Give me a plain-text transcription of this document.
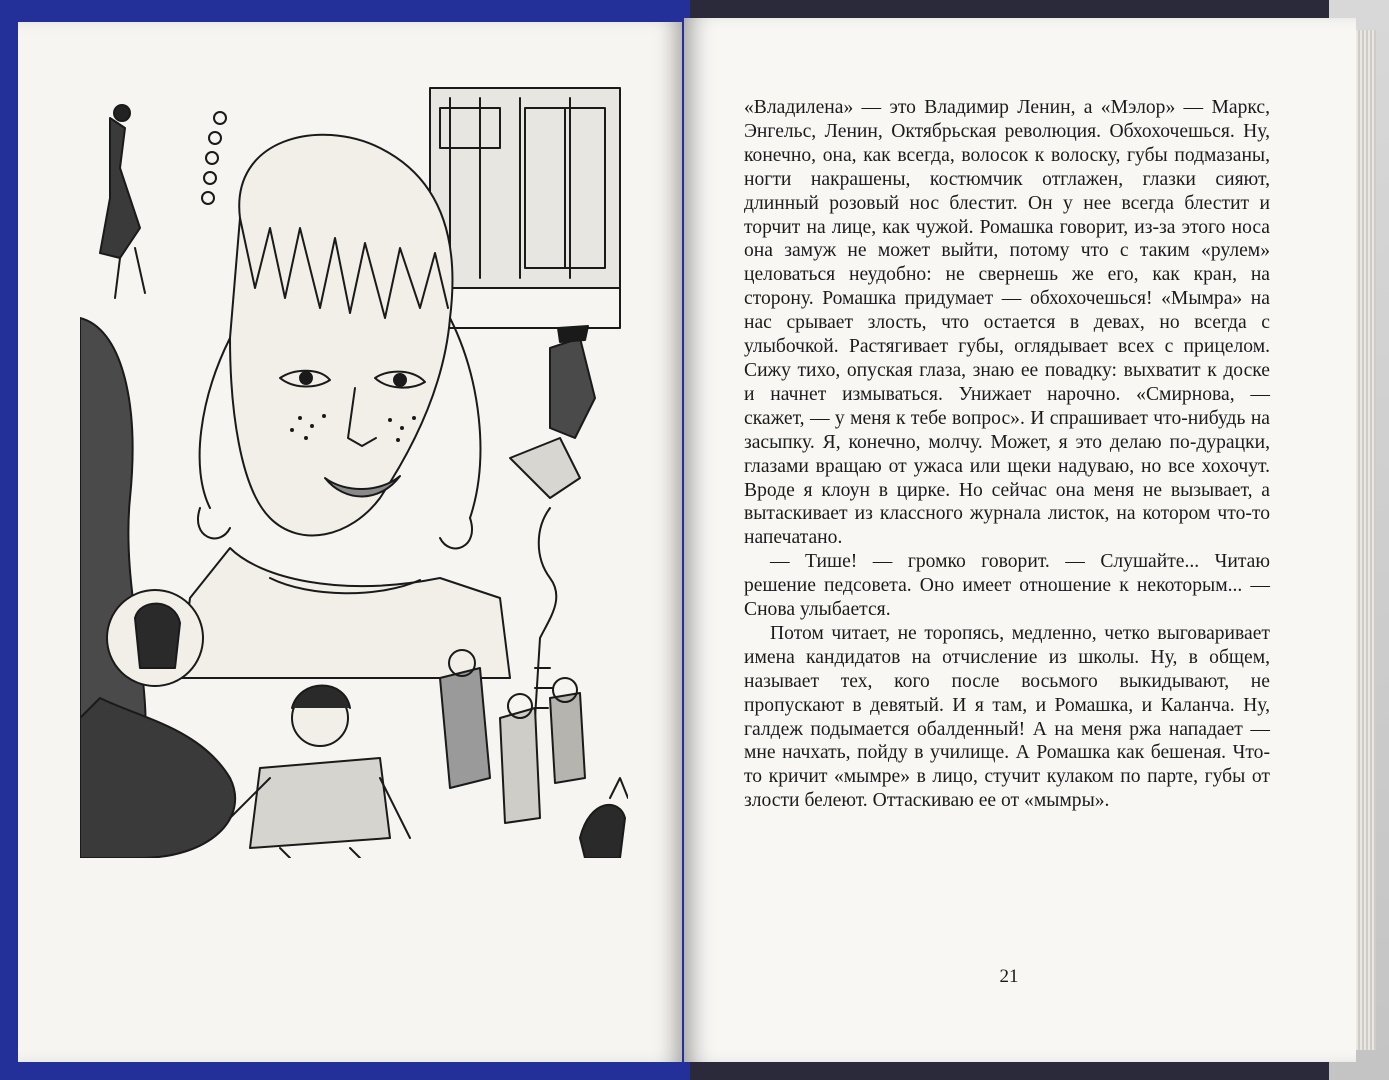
«Владилена» — это Владимир Ленин, а «Мэлор» — Маркс, Энгельс, Ленин, Октябрьская революция. Обхохочешься. Ну, конечно, она, как всегда, волосок к волоску, губы подмазаны, ногти накрашены, костюмчик отглажен, глазки сияют, длинный розовый нос блестит. Он у нее всегда блестит и торчит на лице, как чужой. Ромашка говорит, из-за этого носа она замуж не может выйти, потому что с таким «рулем» целоваться неудобно: не свернешь же его, как кран, на сторону. Ромашка придумает — обхохочешься! «Мымра» на нас срывает злость, что остается в девах, но всегда с улыбочкой. Растягивает губы, оглядывает всех с прицелом. Сижу тихо, опуская глаза, знаю ее повадку: выхватит к доске и начнет измываться. Унижает нарочно. «Смирнова, — скажет, — у меня к тебе вопрос». И спрашивает что-нибудь на засыпку. Я, конечно, молчу. Может, я это делаю по-дурацки, глазами вращаю от ужаса или щеки надуваю, но все хохочут. Вроде я клоун в цирке. Но сейчас она меня не вызывает, а вытаскивает из классного журнала листок, на котором что-то напечатано.

— Тише! — громко говорит. — Слушайте... Читаю решение педсовета. Оно имеет отношение к некоторым... — Снова улыбается.

Потом читает, не торопясь, медленно, четко выговаривает имена кандидатов на отчисление из школы. Ну, в общем, называет тех, кого после восьмого выкидывают, не пропускают в девятый. И я там, и Ромашка, и Каланча. Ну, галдеж подымается обалденный! А на меня ржа нападает — мне начхать, пойду в училище. А Ромашка как бешеная. Что-то кричит «мымре» в лицо, стучит кулаком по парте, губы от злости белеют. Оттаскиваю ее от «мымры».

21
